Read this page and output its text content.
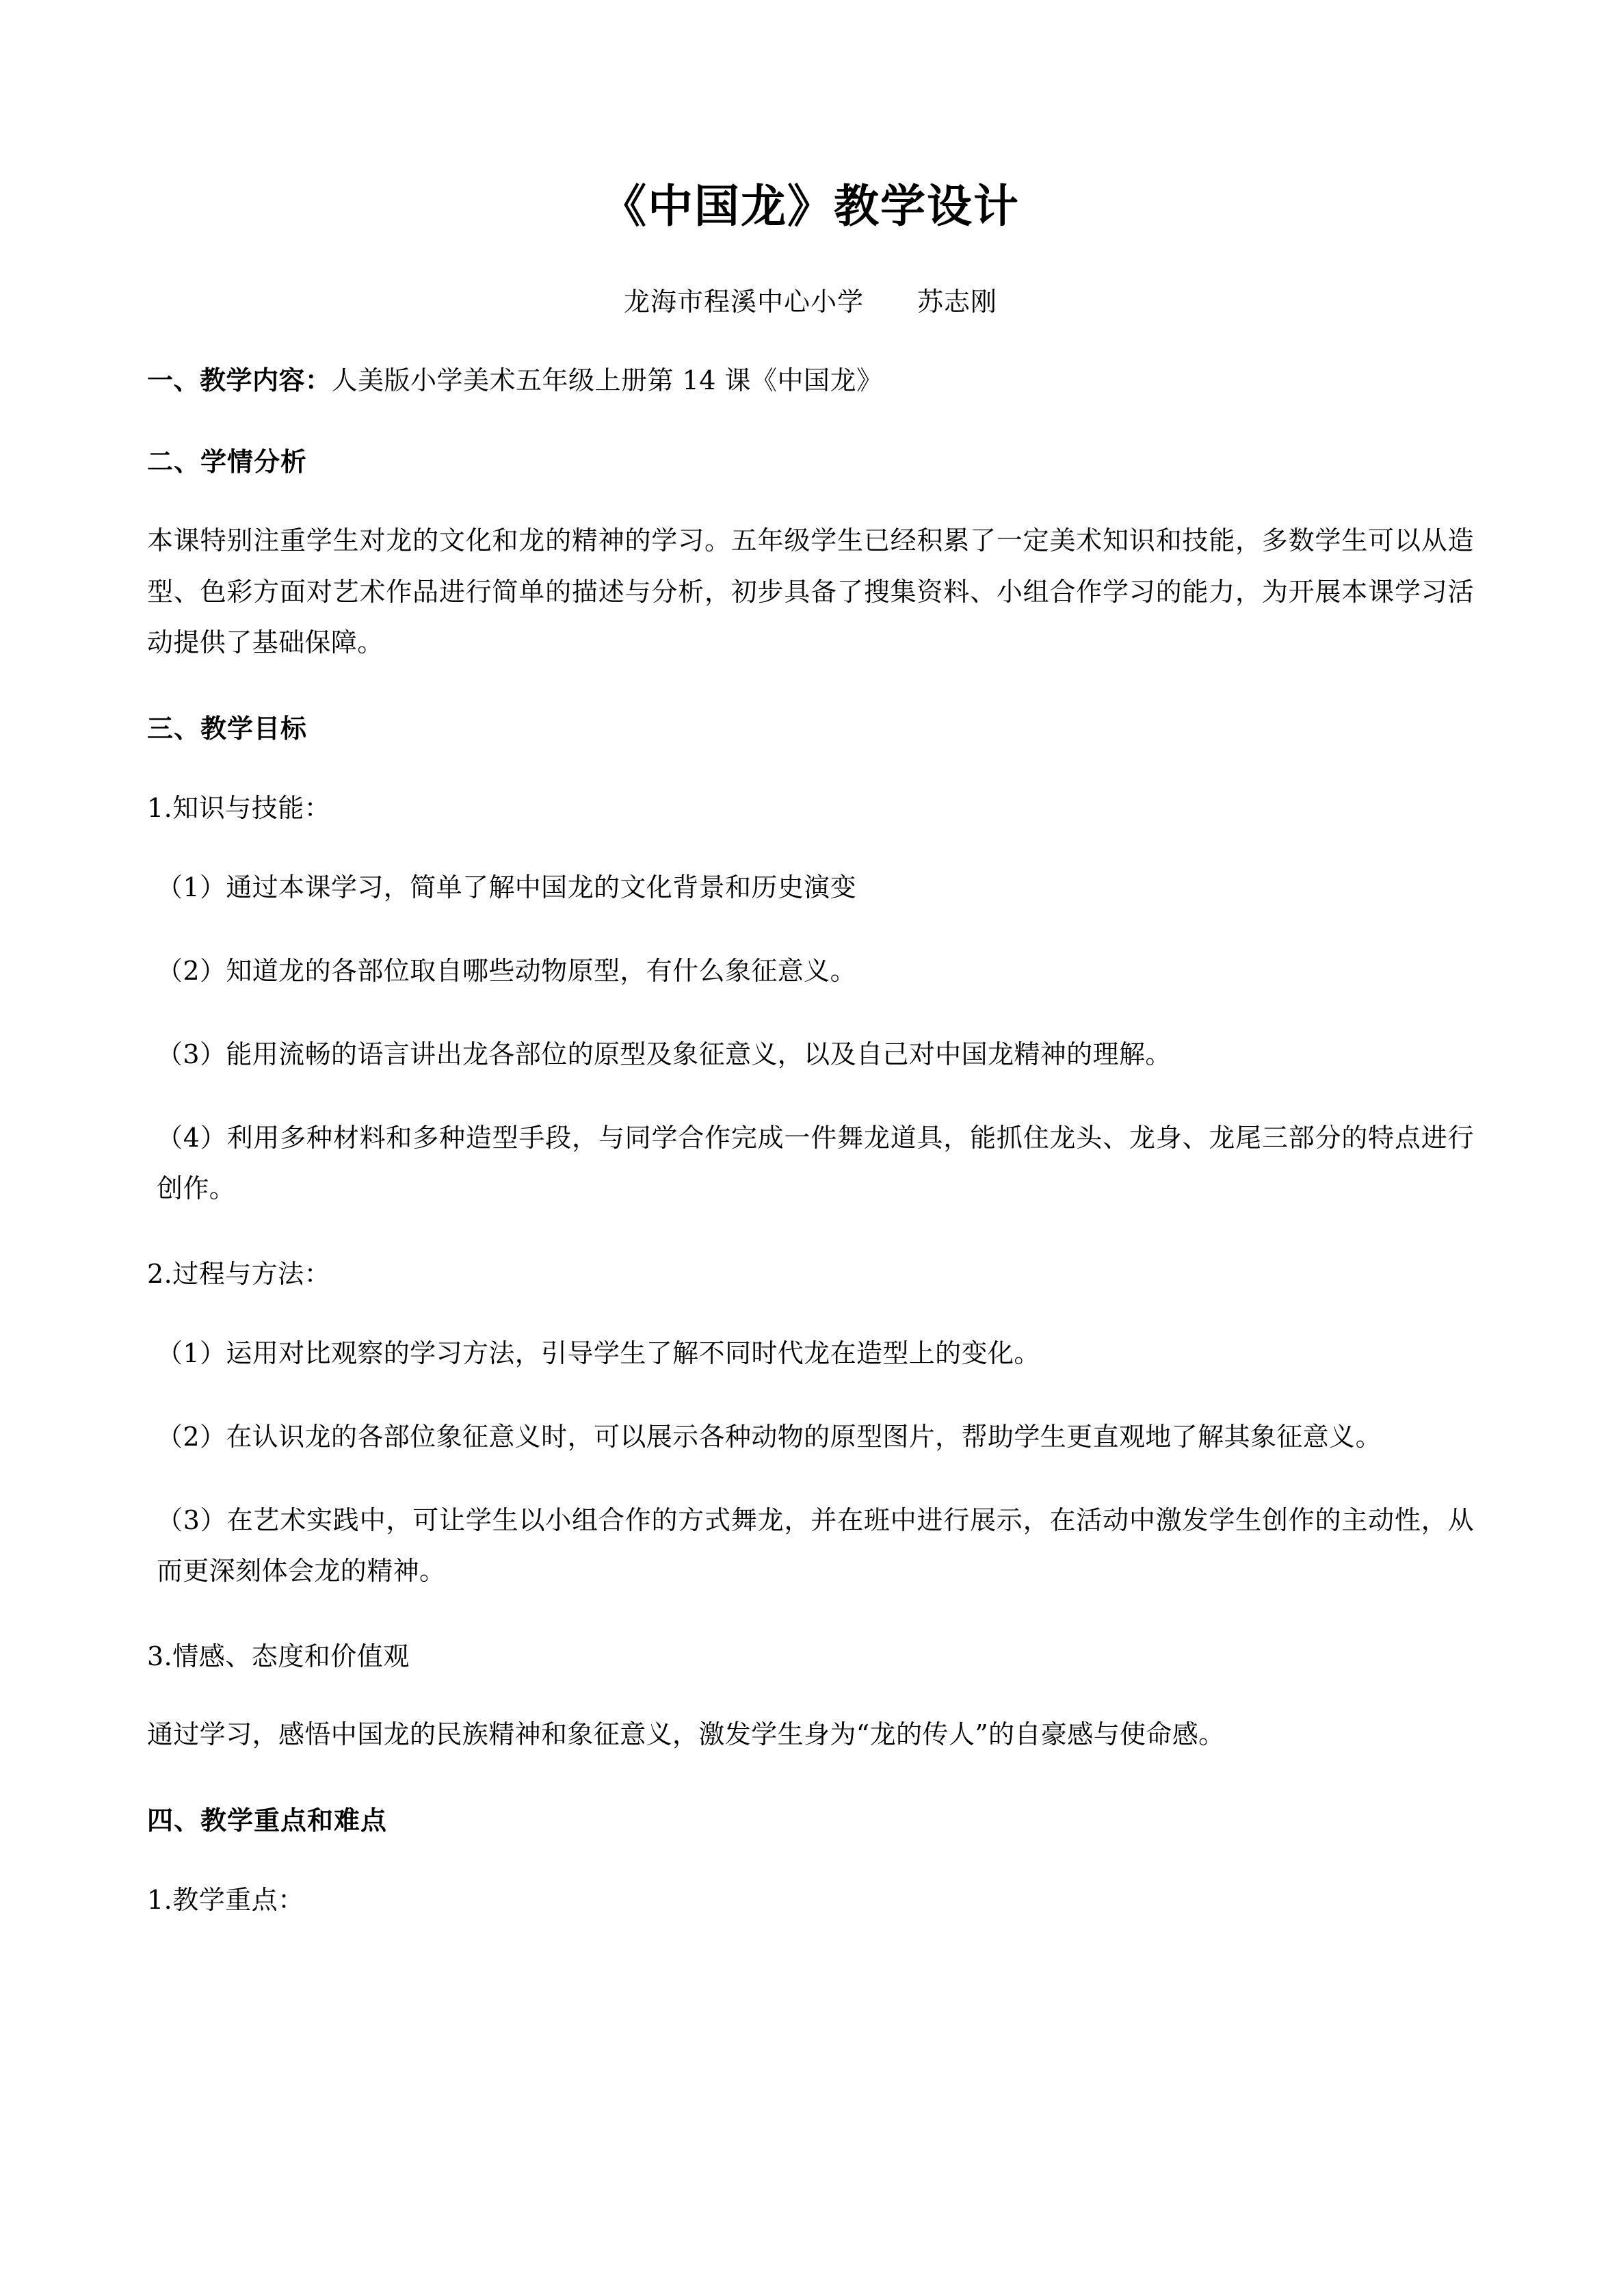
《中国龙》教学设计
龙海市程溪中心小学　　苏志刚
一、教学内容：人美版小学美术五年级上册第 14 课《中国龙》
二、学情分析

本课特别注重学生对龙的文化和龙的精神的学习。五年级学生已经积累了一定美术知识和技能，多数学生可以从造型、色彩方面对艺术作品进行简单的描述与分析，初步具备了搜集资料、小组合作学习的能力，为开展本课学习活动提供了基础保障。

三、教学目标
1.知识与技能：

（1）通过本课学习，简单了解中国龙的文化背景和历史演变

（2）知道龙的各部位取自哪些动物原型，有什么象征意义。

（3）能用流畅的语言讲出龙各部位的原型及象征意义，以及自己对中国龙精神的理解。

（4）利用多种材料和多种造型手段，与同学合作完成一件舞龙道具，能抓住龙头、龙身、龙尾三部分的特点进行创作。

2.过程与方法：

（1）运用对比观察的学习方法，引导学生了解不同时代龙在造型上的变化。

（2）在认识龙的各部位象征意义时，可以展示各种动物的原型图片，帮助学生更直观地了解其象征意义。

（3）在艺术实践中，可让学生以小组合作的方式舞龙，并在班中进行展示，在活动中激发学生创作的主动性，从而更深刻体会龙的精神。

3.情感、态度和价值观

通过学习，感悟中国龙的民族精神和象征意义，激发学生身为“龙的传人”的自豪感与使命感。

四、教学重点和难点
1.教学重点：
